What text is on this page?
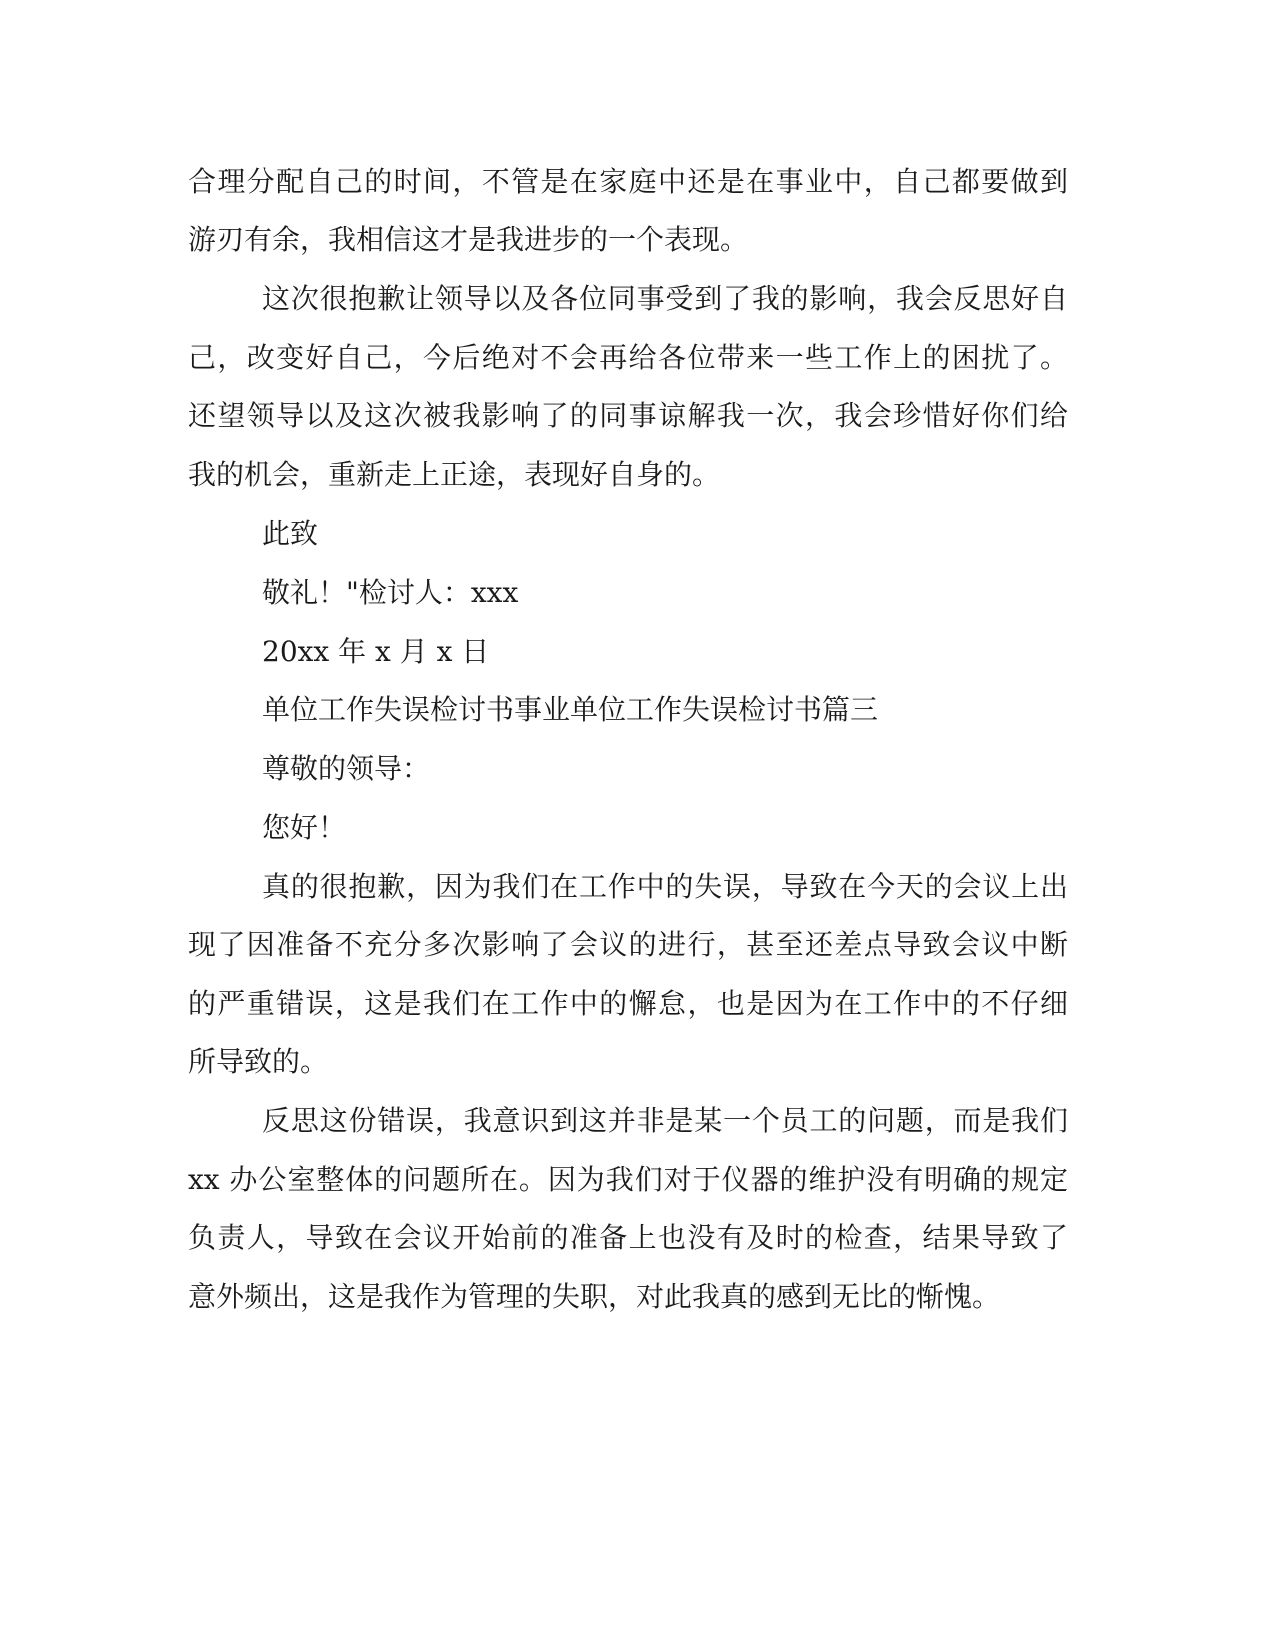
合理分配自己的时间，不管是在家庭中还是在事业中，自己都要做到
游刃有余，我相信这才是我进步的一个表现。
这次很抱歉让领导以及各位同事受到了我的影响，我会反思好自
己，改变好自己，今后绝对不会再给各位带来一些工作上的困扰了。
还望领导以及这次被我影响了的同事谅解我一次，我会珍惜好你们给
我的机会，重新走上正途，表现好自身的。
此致
敬礼！"检讨人：xxx
20xx 年 x 月 x 日
单位工作失误检讨书事业单位工作失误检讨书篇三
尊敬的领导：
您好！
真的很抱歉，因为我们在工作中的失误，导致在今天的会议上出
现了因准备不充分多次影响了会议的进行，甚至还差点导致会议中断
的严重错误，这是我们在工作中的懈怠，也是因为在工作中的不仔细
所导致的。
反思这份错误，我意识到这并非是某一个员工的问题，而是我们
xx 办公室整体的问题所在。因为我们对于仪器的维护没有明确的规定
负责人，导致在会议开始前的准备上也没有及时的检查，结果导致了
意外频出，这是我作为管理的失职，对此我真的感到无比的惭愧。
